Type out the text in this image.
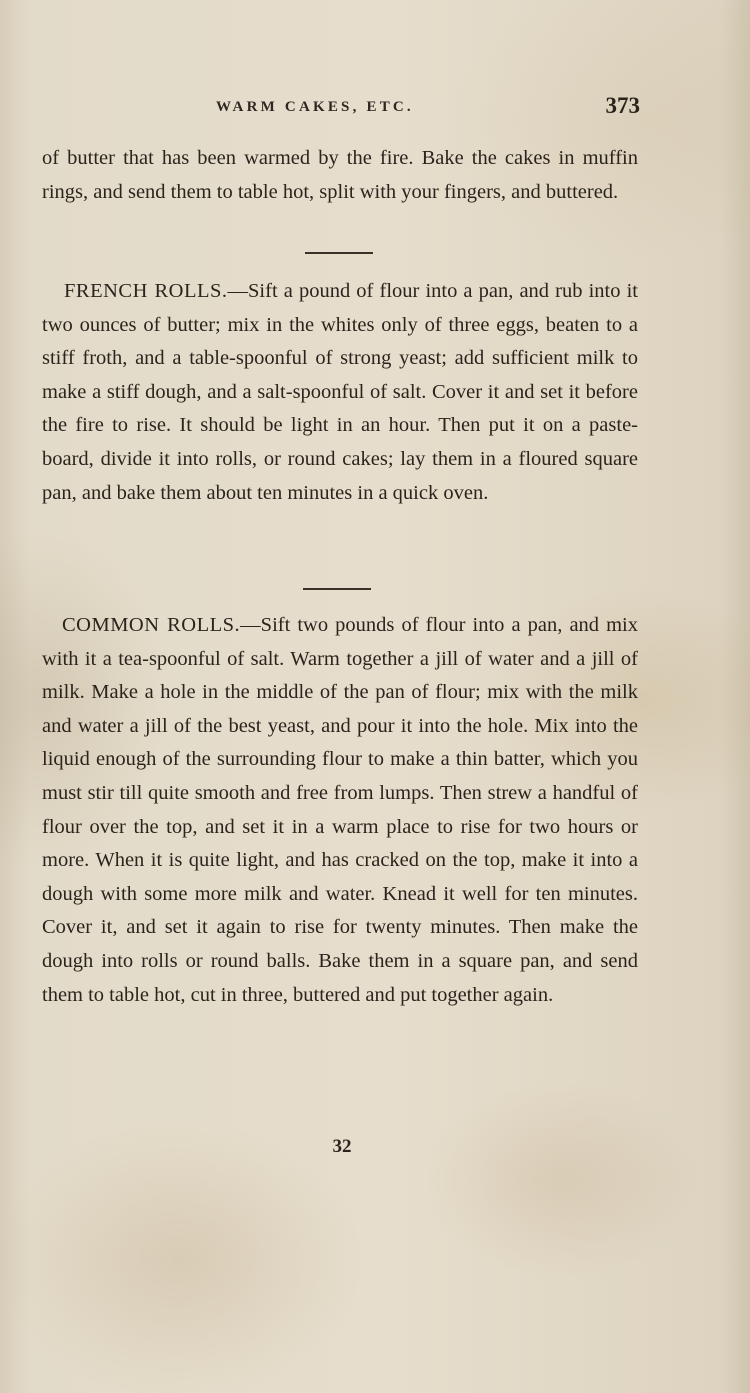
WARM CAKES, ETC.	373

of butter that has been warmed by the fire. Bake the cakes in muffin rings, and send them to table hot, split with your fingers, and buttered.

FRENCH ROLLS.—Sift a pound of flour into a pan, and rub into it two ounces of butter; mix in the whites only of three eggs, beaten to a stiff froth, and a table-spoonful of strong yeast; add sufficient milk to make a stiff dough, and a salt-spoonful of salt. Cover it and set it before the fire to rise. It should be light in an hour. Then put it on a paste-board, divide it into rolls, or round cakes; lay them in a floured square pan, and bake them about ten minutes in a quick oven.

COMMON ROLLS.—Sift two pounds of flour into a pan, and mix with it a tea-spoonful of salt. Warm together a jill of water and a jill of milk. Make a hole in the middle of the pan of flour; mix with the milk and water a jill of the best yeast, and pour it into the hole. Mix into the liquid enough of the surrounding flour to make a thin batter, which you must stir till quite smooth and free from lumps. Then strew a handful of flour over the top, and set it in a warm place to rise for two hours or more. When it is quite light, and has cracked on the top, make it into a dough with some more milk and water. Knead it well for ten minutes. Cover it, and set it again to rise for twenty minutes. Then make the dough into rolls or round balls. Bake them in a square pan, and send them to table hot, cut in three, buttered and put together again.

32
